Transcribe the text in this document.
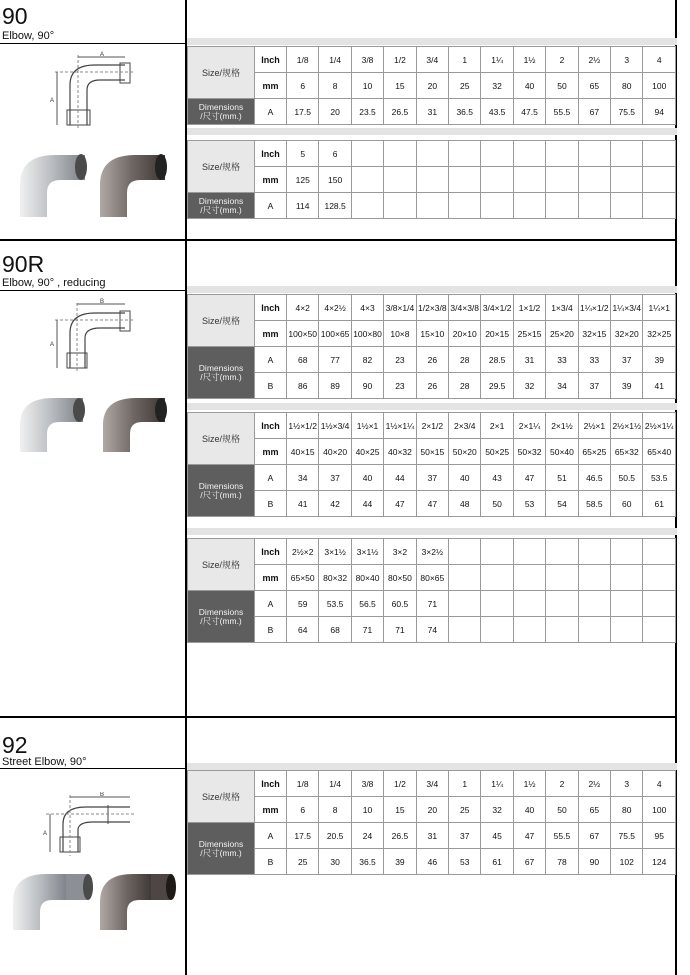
90
Elbow, 90°
90R
Elbow, 90° , reducing
92
Street Elbow, 90°
A
A
B
A
B
A
Size/规格	Inch	1/8	1/4	3/8	1/2	3/4	1	1¼	1½	2	2½	3	4
	mm	6	8	10	15	20	25	32	40	50	65	80	100

Dimensions
/尺寸(mm.)	A	17.5	20	23.5	26.5	31	36.5	43.5	47.5	55.5	67	75.5	94
Size/规格	Inch	5	6										
	mm	125	150										

Dimensions
/尺寸(mm.)	A	114	128.5										
Size/规格	Inch	4×2	4×2½	4×3	3/8×1/4	1/2×3/8	3/4×3/8	3/4×1/2	1×1/2	1×3/4	1¼×1/2	1¼×3/4	1¼×1
	mm	100×50	100×65	100×80	10×8	15×10	20×10	20×15	25×15	25×20	32×15	32×20	32×25

Dimensions
/尺寸(mm.)	A	68	77	82	23	26	28	28.5	31	33	33	37	39
	B	86	89	90	23	26	28	29.5	32	34	37	39	41
Size/规格	Inch	1½×1/2	1½×3/4	1½×1	1½×1¼	2×1/2	2×3/4	2×1	2×1¼	2×1½	2½×1	2½×1½	2½×1¼
	mm	40×15	40×20	40×25	40×32	50×15	50×20	50×25	50×32	50×40	65×25	65×32	65×40

Dimensions
/尺寸(mm.)	A	34	37	40	44	37	40	43	47	51	46.5	50.5	53.5
	B	41	42	44	47	47	48	50	53	54	58.5	60	61
Size/规格	Inch	2½×2	3×1½	3×1½	3×2	3×2½							
	mm	65×50	80×32	80×40	80×50	80×65							

Dimensions
/尺寸(mm.)	A	59	53.5	56.5	60.5	71							
	B	64	68	71	71	74							
Size/规格	Inch	1/8	1/4	3/8	1/2	3/4	1	1¼	1½	2	2½	3	4
	mm	6	8	10	15	20	25	32	40	50	65	80	100

Dimensions
/尺寸(mm.)	A	17.5	20.5	24	26.5	31	37	45	47	55.5	67	75.5	95
	B	25	30	36.5	39	46	53	61	67	78	90	102	124
